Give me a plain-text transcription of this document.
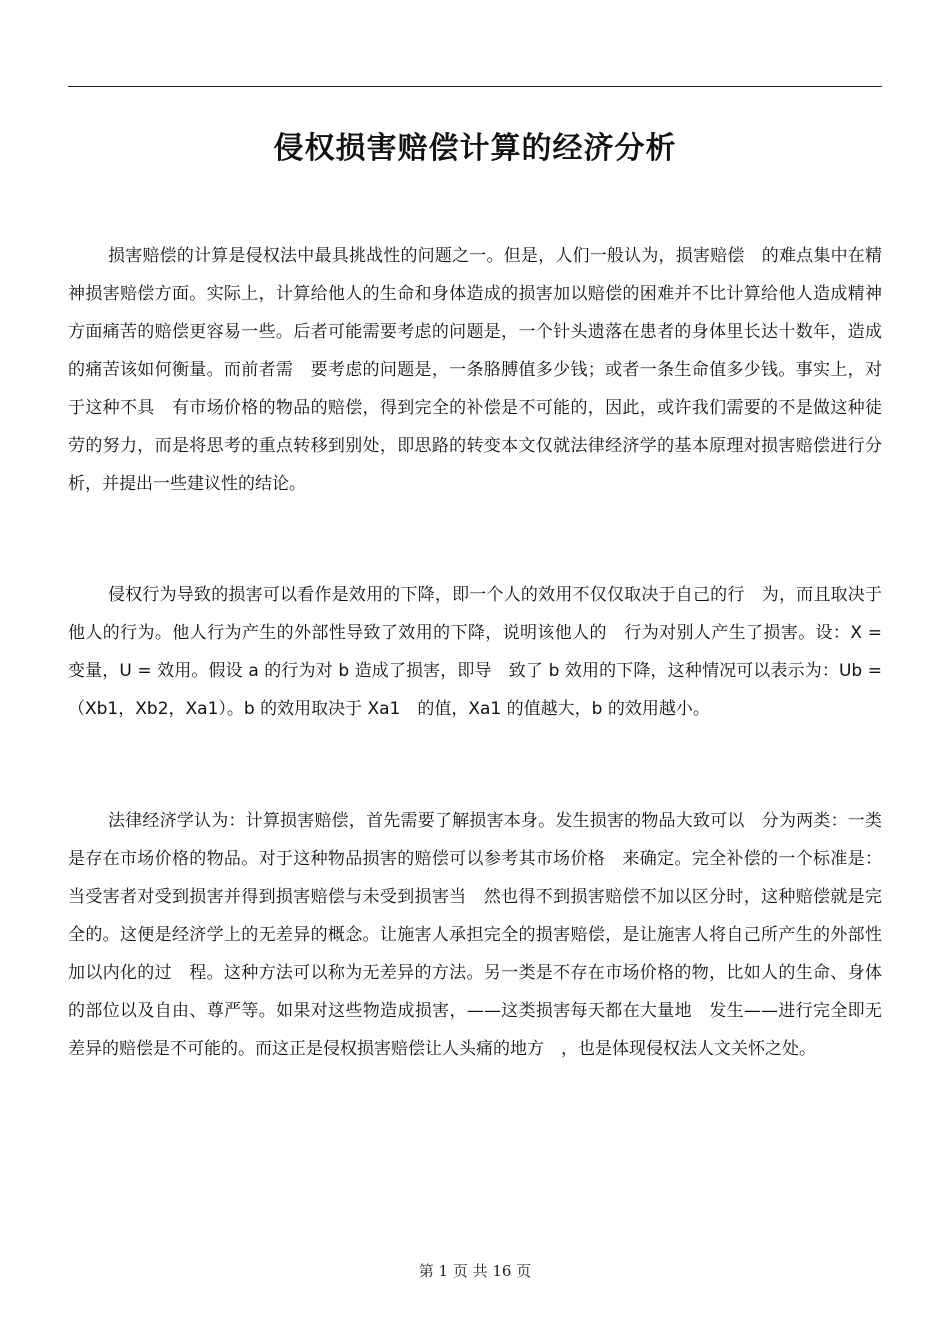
侵权损害赔偿计算的经济分析

损害赔偿的计算是侵权法中最具挑战性的问题之一。但是，人们一般认为，损害赔偿　的难点集中在精神损害赔偿方面。实际上，计算给他人的生命和身体造成的损害加以赔偿的困难并不比计算给他人造成精神方面痛苦的赔偿更容易一些。后者可能需要考虑的问题是，一个针头遗落在患者的身体里长达十数年，造成的痛苦该如何衡量。而前者需　要考虑的问题是，一条胳膊值多少钱；或者一条生命值多少钱。事实上，对于这种不具　有市场价格的物品的赔偿，得到完全的补偿是不可能的，因此，或许我们需要的不是做这种徒劳的努力，而是将思考的重点转移到别处，即思路的转变本文仅就法律经济学的基本原理对损害赔偿进行分析，并提出一些建议性的结论。

侵权行为导致的损害可以看作是效用的下降，即一个人的效用不仅仅取决于自己的行　为，而且取决于他人的行为。他人行为产生的外部性导致了效用的下降，说明该他人的　行为对别人产生了损害。设：X = 变量，U = 效用。假设 a 的行为对 b 造成了损害，即导　致了 b 效用的下降，这种情况可以表示为：Ub = （Xb1，Xb2，Xa1）。b 的效用取决于 Xa1　的值，Xa1 的值越大，b 的效用越小。

法律经济学认为：计算损害赔偿，首先需要了解损害本身。发生损害的物品大致可以　分为两类：一类是存在市场价格的物品。对于这种物品损害的赔偿可以参考其市场价格　来确定。完全补偿的一个标准是：当受害者对受到损害并得到损害赔偿与未受到损害当　然也得不到损害赔偿不加以区分时，这种赔偿就是完全的。这便是经济学上的无差异的概念。让施害人承担完全的损害赔偿，是让施害人将自己所产生的外部性加以内化的过　程。这种方法可以称为无差异的方法。另一类是不存在市场价格的物，比如人的生命、身体的部位以及自由、尊严等。如果对这些物造成损害，——这类损害每天都在大量地　发生——进行完全即无差异的赔偿是不可能的。而这正是侵权损害赔偿让人头痛的地方　，也是体现侵权法人文关怀之处。

第 1 页 共 16 页
